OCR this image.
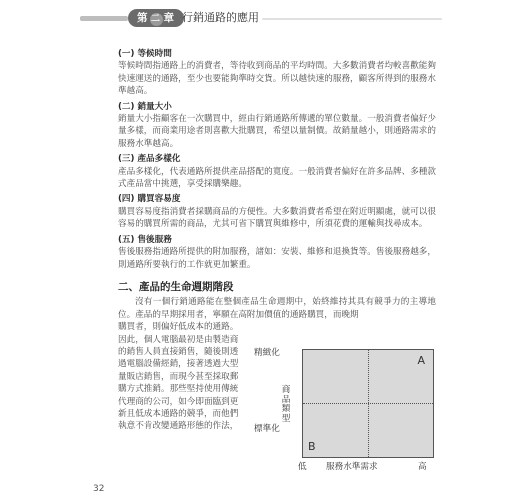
第 二 章 行銷通路的應用
(一) 等候時間
等候時間指通路上的消費者，等待收到商品的平均時間。大多數消費者均較喜歡能夠快速運送的通路，至少也要能夠準時交貨。所以越快速的服務，顧客所得到的服務水準越高。
(二) 銷量大小
銷量大小指顧客在一次購買中，經由行銷通路所傳遞的單位數量。一般消費者偏好少量多樣，而商業用途者則喜歡大批購買，希望以量制價。故銷量越小，則通路需求的服務水準越高。
(三) 產品多樣化
產品多樣化，代表通路所提供產品搭配的寬度。一般消費者偏好在許多品牌、多種款式產品當中挑選，享受採購樂趣。
(四) 購買容易度
購買容易度指消費者採購商品的方便性。大多數消費者希望在附近明顯處，就可以很容易的購買所需的商品，尤其可省下購買與維修中，所須花費的運輸與找尋成本。
(五) 售後服務
售後服務指通路所提供的附加服務，諸如：安裝、維修和退換貨等。售後服務越多，則通路所要執行的工作就更加繁重。
二、產品的生命週期階段
沒有一個行銷通路能在整個產品生命週期中，始終維持其具有競爭力的主導地位。產品的早期採用者，寧願在高附加價值的通路購買，而晚期
購買者，則偏好低成本的通路。
因此，個人電腦最初是由製造商
的銷售人員直接銷售，隨後則透
過電腦設備經銷，接著透過大型
量販店銷售，而現今甚至採取郵
購方式推銷。那些堅持使用傳統
代理商的公司，如今即面臨到更
新且低成本通路的競爭，而他們
執意不肯改變通路形態的作法，
精緻化
商品類型
標準化
A
B
低 服務水準需求	高
32
